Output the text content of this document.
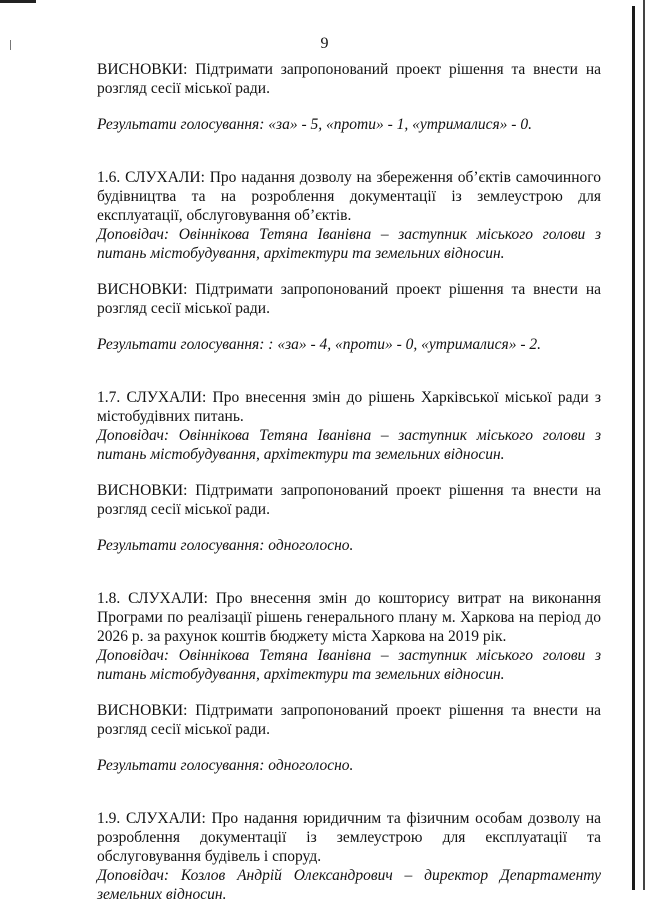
9

ВИСНОВКИ: Підтримати запропонований проект рішення та внести на розгляд сесії міської ради.

Результати голосування: «за» - 5, «проти» - 1, «утрималися» - 0.

1.6. СЛУХАЛИ: Про надання дозволу на збереження об’єктів самочинного будівництва та на розроблення документації із землеустрою для експлуатації, обслуговування об’єктів.

Доповідач: Овіннікова Тетяна Іванівна – заступник міського голови з питань містобудування, архітектури та земельних відносин.

ВИСНОВКИ: Підтримати запропонований проект рішення та внести на розгляд сесії міської ради.

Результати голосування: : «за» - 4, «проти» - 0, «утрималися» - 2.

1.7. СЛУХАЛИ: Про внесення змін до рішень Харківської міської ради з містобудівних питань.

Доповідач: Овіннікова Тетяна Іванівна – заступник міського голови з питань містобудування, архітектури та земельних відносин.

ВИСНОВКИ: Підтримати запропонований проект рішення та внести на розгляд сесії міської ради.

Результати голосування: одноголосно.

1.8. СЛУХАЛИ: Про внесення змін до кошторису витрат на виконання Програми по реалізації рішень генерального плану м. Харкова на період до 2026 р. за рахунок коштів бюджету міста Харкова на 2019 рік.

Доповідач: Овіннікова Тетяна Іванівна – заступник міського голови з питань містобудування, архітектури та земельних відносин.

ВИСНОВКИ: Підтримати запропонований проект рішення та внести на розгляд сесії міської ради.

Результати голосування: одноголосно.

1.9. СЛУХАЛИ: Про надання юридичним та фізичним особам дозволу на розроблення документації із землеустрою для експлуатації та обслуговування будівель і споруд.

Доповідач: Козлов Андрій Олександрович – директор Департаменту земельних відносин.
